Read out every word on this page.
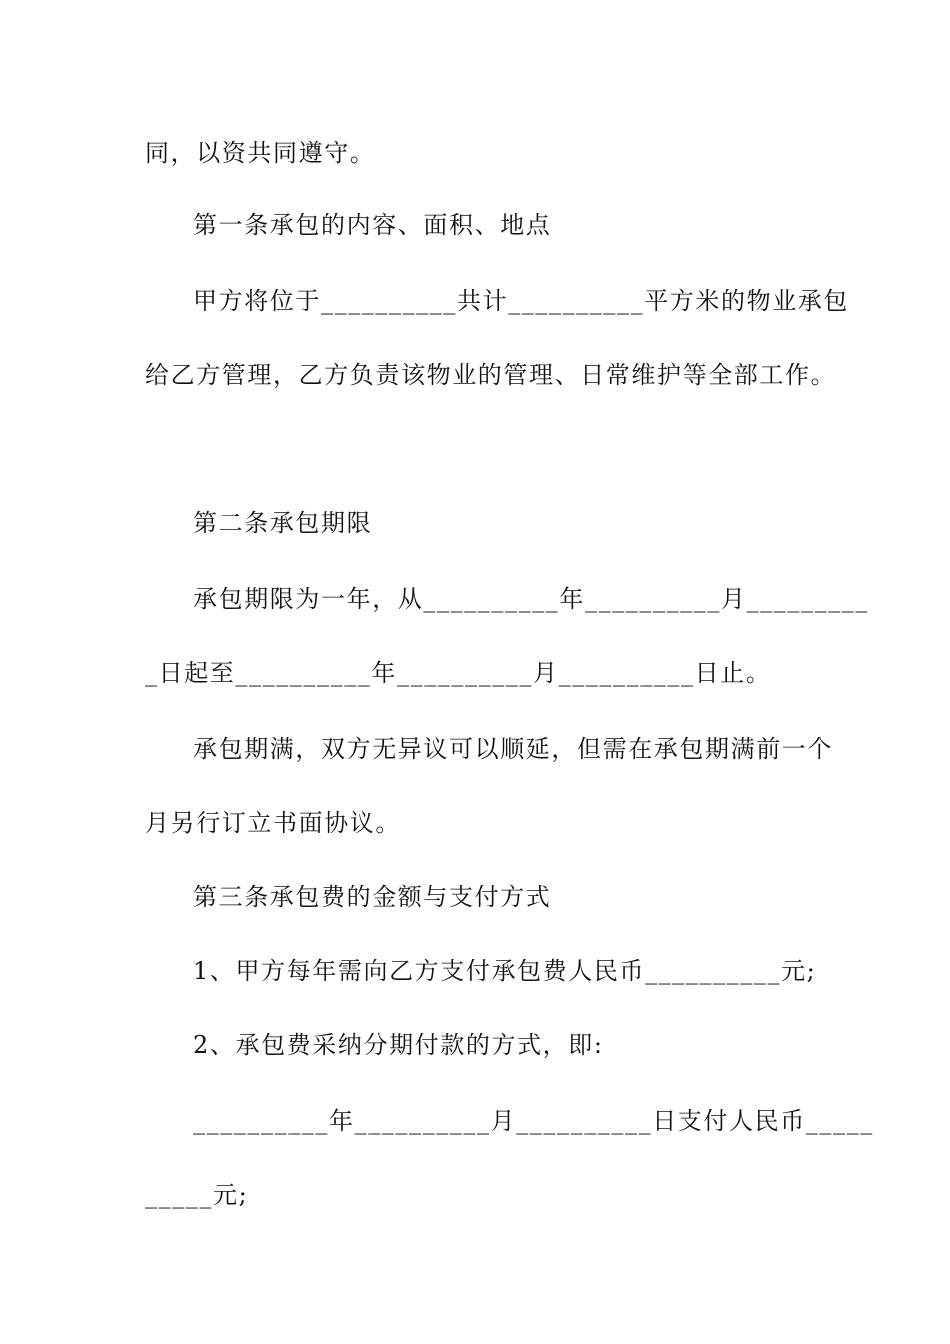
同，以资共同遵守。
第一条承包的内容、面积、地点
甲方将位于__________共计__________平方米的物业承包
给乙方管理，乙方负责该物业的管理、日常维护等全部工作。
第二条承包期限
承包期限为一年，从__________年__________月_________
_日起至__________年__________月__________日止。
承包期满，双方无异议可以顺延，但需在承包期满前一个
月另行订立书面协议。
第三条承包费的金额与支付方式
1、甲方每年需向乙方支付承包费人民币__________元;
2、承包费采纳分期付款的方式，即:
__________年__________月__________日支付人民币_____
_____元;
